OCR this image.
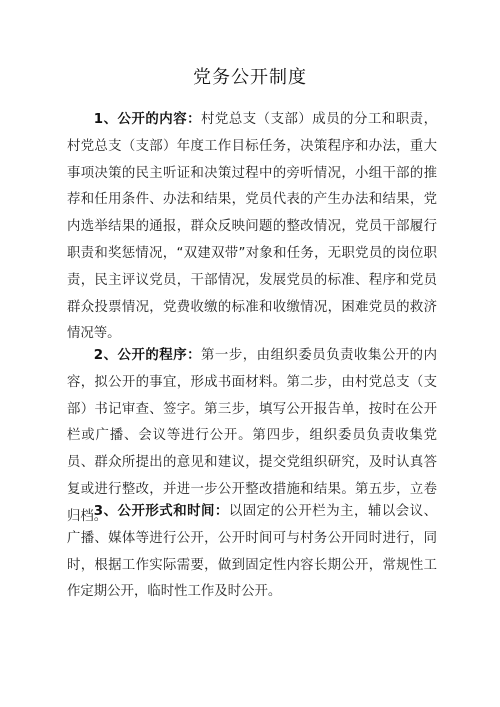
党务公开制度

1、公开的内容：村党总支（支部）成员的分工和职责，村党总支（支部）年度工作目标任务，决策程序和办法，重大事项决策的民主听证和决策过程中的旁听情况，小组干部的推荐和任用条件、办法和结果，党员代表的产生办法和结果，党内选举结果的通报，群众反映问题的整改情况，党员干部履行职责和奖惩情况，“双建双带”对象和任务，无职党员的岗位职责，民主评议党员，干部情况，发展党员的标准、程序和党员群众投票情况，党费收缴的标准和收缴情况，困难党员的救济情况等。

2、公开的程序：第一步，由组织委员负责收集公开的内容，拟公开的事宜，形成书面材料。第二步，由村党总支（支部）书记审查、签字。第三步，填写公开报告单，按时在公开栏或广播、会议等进行公开。第四步，组织委员负责收集党员、群众所提出的意见和建议，提交党组织研究，及时认真答复或进行整改，并进一步公开整改措施和结果。第五步，立卷归档。

3、公开形式和时间：以固定的公开栏为主，辅以会议、广播、媒体等进行公开，公开时间可与村务公开同时进行，同时，根据工作实际需要，做到固定性内容长期公开，常规性工作定期公开，临时性工作及时公开。
